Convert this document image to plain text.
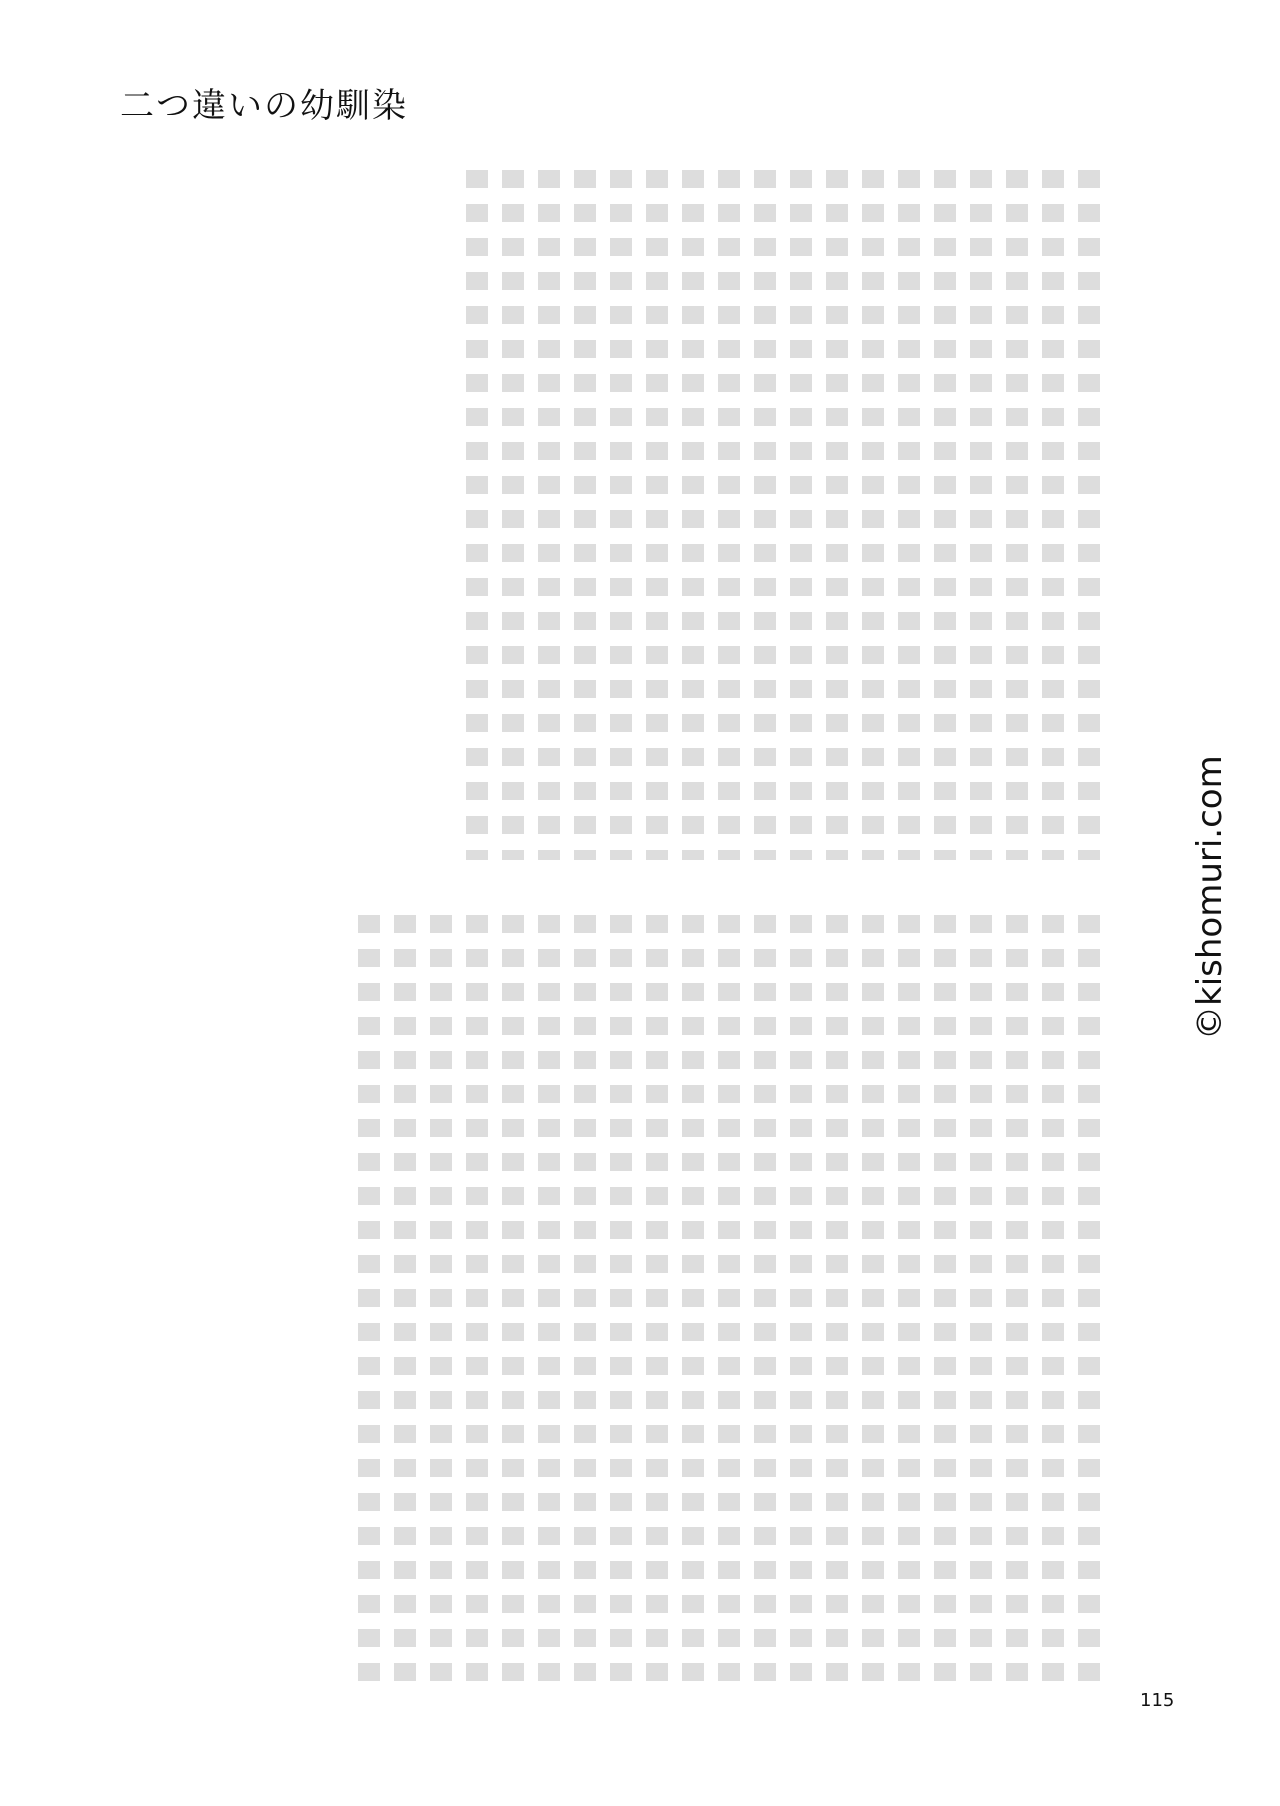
二つ違いの幼馴染
115
©kishomuri.com
